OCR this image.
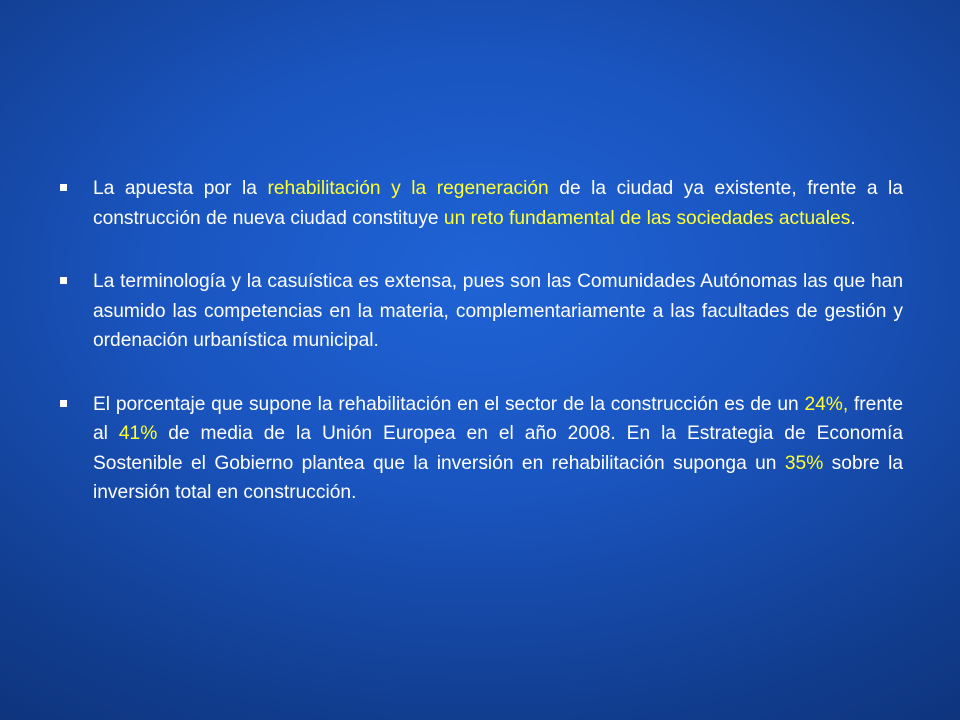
La apuesta por la rehabilitación y la regeneración de la ciudad ya existente, frente a la construcción de nueva ciudad constituye un reto fundamental de las sociedades actuales.
La terminología y la casuística es extensa, pues son las Comunidades Autónomas las que han asumido las competencias en la materia, complementariamente a las facultades de gestión y ordenación urbanística municipal.
El porcentaje que supone la rehabilitación en el sector de la construcción es de un 24%, frente al 41% de media de la Unión Europea en el año 2008. En la Estrategia de Economía Sostenible el Gobierno plantea que la inversión en rehabilitación suponga un 35% sobre la inversión total en construcción.
